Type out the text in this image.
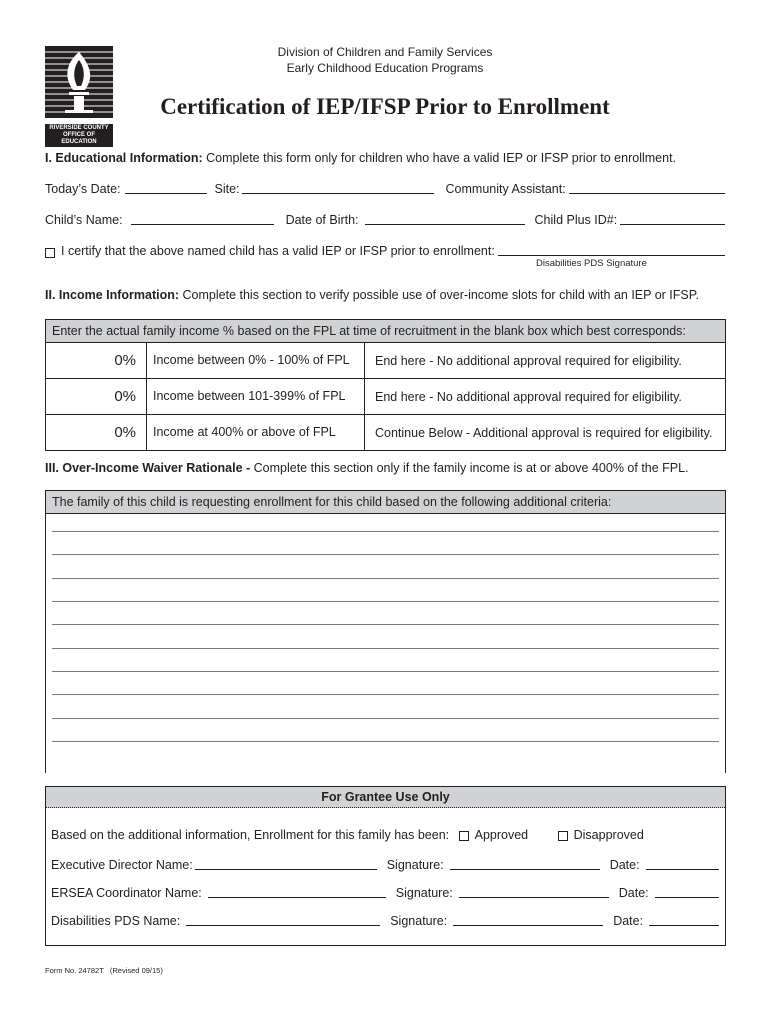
RIVERSIDE COUNTY
OFFICE OF EDUCATION
Division of Children and Family Services
Early Childhood Education Programs
Certification of IEP/IFSP Prior to Enrollment
I. Educational Information: Complete this form only for children who have a valid IEP or IFSP prior to enrollment.
Today’s Date:	Site:	Community Assistant:
Child’s Name:	Date of Birth:	Child Plus ID#:
I certify that the above named child has a valid IEP or IFSP prior to enrollment:
Disabilities PDS Signature
II. Income Information: Complete this section to verify possible use of over-income slots for child with an IEP or IFSP.
Enter the actual family income % based on the FPL at time of recruitment in the blank box which best corresponds:
0%	Income between 0% - 100% of FPL	End here - No additional approval required for eligibility.
0%	Income between 101-399% of FPL	End here - No additional approval required for eligibility.
0%	Income at 400% or above of FPL	Continue Below - Additional approval is required for eligibility.
III. Over-Income Waiver Rationale - Complete this section only if the family income is at or above 400% of the FPL.
The family of this child is requesting enrollment for this child based on the following additional criteria:
For Grantee Use Only
Based on the additional information, Enrollment for this family has been: Approved	Disapproved
Executive Director Name:	Signature:	Date:
ERSEA Coordinator Name:	Signature:	Date:
Disabilities PDS Name:	Signature:	Date:
Form No. 24782T   (Revised 09/15)
